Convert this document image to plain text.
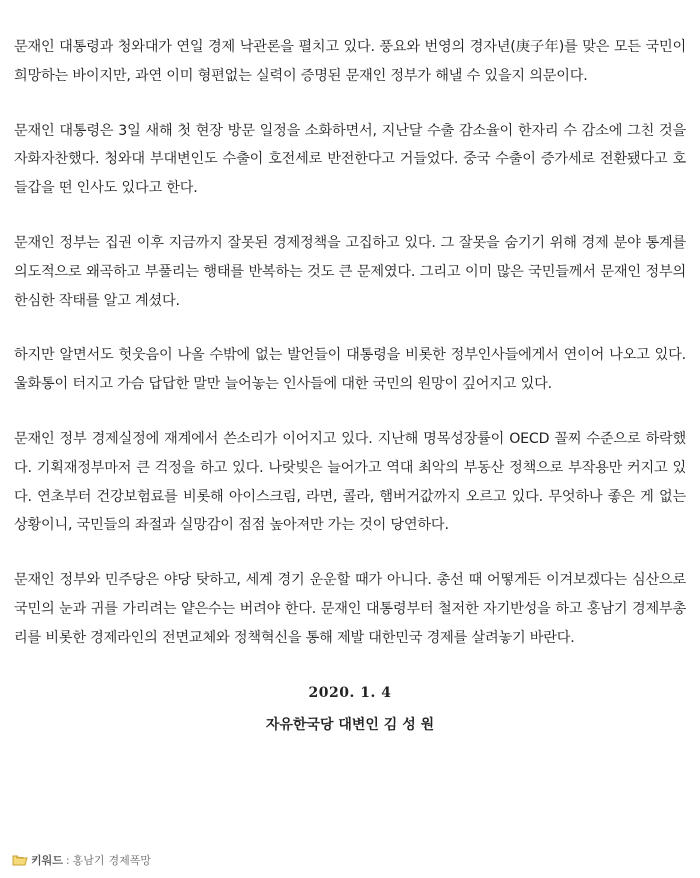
문재인 대통령과 청와대가 연일 경제 낙관론을 펼치고 있다. 풍요와 번영의 경자년(庚子年)를 맞은 모든 국민이 희망하는 바이지만, 과연 이미 형편없는 실력이 증명된 문재인 정부가 해낼 수 있을지 의문이다.

문재인 대통령은 3일 새해 첫 현장 방문 일정을 소화하면서, 지난달 수출 감소율이 한자리 수 감소에 그친 것을 자화자찬했다. 청와대 부대변인도 수출이 호전세로 반전한다고 거들었다. 중국 수출이 증가세로 전환됐다고 호들갑을 떤 인사도 있다고 한다.

문재인 정부는 집권 이후 지금까지 잘못된 경제정책을 고집하고 있다. 그 잘못을 숨기기 위해 경제 분야 통계를 의도적으로 왜곡하고 부풀리는 행태를 반복하는 것도 큰 문제였다. 그리고 이미 많은 국민들께서 문재인 정부의 한심한 작태를 알고 계셨다.

하지만 알면서도 헛웃음이 나올 수밖에 없는 발언들이 대통령을 비롯한 정부인사들에게서 연이어 나오고 있다. 울화통이 터지고 가슴 답답한 말만 늘어놓는 인사들에 대한 국민의 원망이 깊어지고 있다.

문재인 정부 경제실정에 재계에서 쓴소리가 이어지고 있다. 지난해 명목성장률이 OECD 꼴찌 수준으로 하락했다. 기획재정부마저 큰 걱정을 하고 있다. 나랏빚은 늘어가고 역대 최악의 부동산 정책으로 부작용만 커지고 있다. 연초부터 건강보험료를 비롯해 아이스크림, 라면, 콜라, 햄버거값까지 오르고 있다. 무엇하나 좋은 게 없는 상황이니, 국민들의 좌절과 실망감이 점점 높아져만 가는 것이 당연하다.

문재인 정부와 민주당은 야당 탓하고, 세계 경기 운운할 때가 아니다. 총선 때 어떻게든 이겨보겠다는 심산으로 국민의 눈과 귀를 가리려는 얕은수는 버려야 한다. 문재인 대통령부터 철저한 자기반성을 하고 홍남기 경제부총리를 비롯한 경제라인의 전면교체와 정책혁신을 통해 제발 대한민국 경제를 살려놓기 바란다.

2020. 1. 4
자유한국당 대변인 김 성 원
키워드 : 홍남기 경제폭망
